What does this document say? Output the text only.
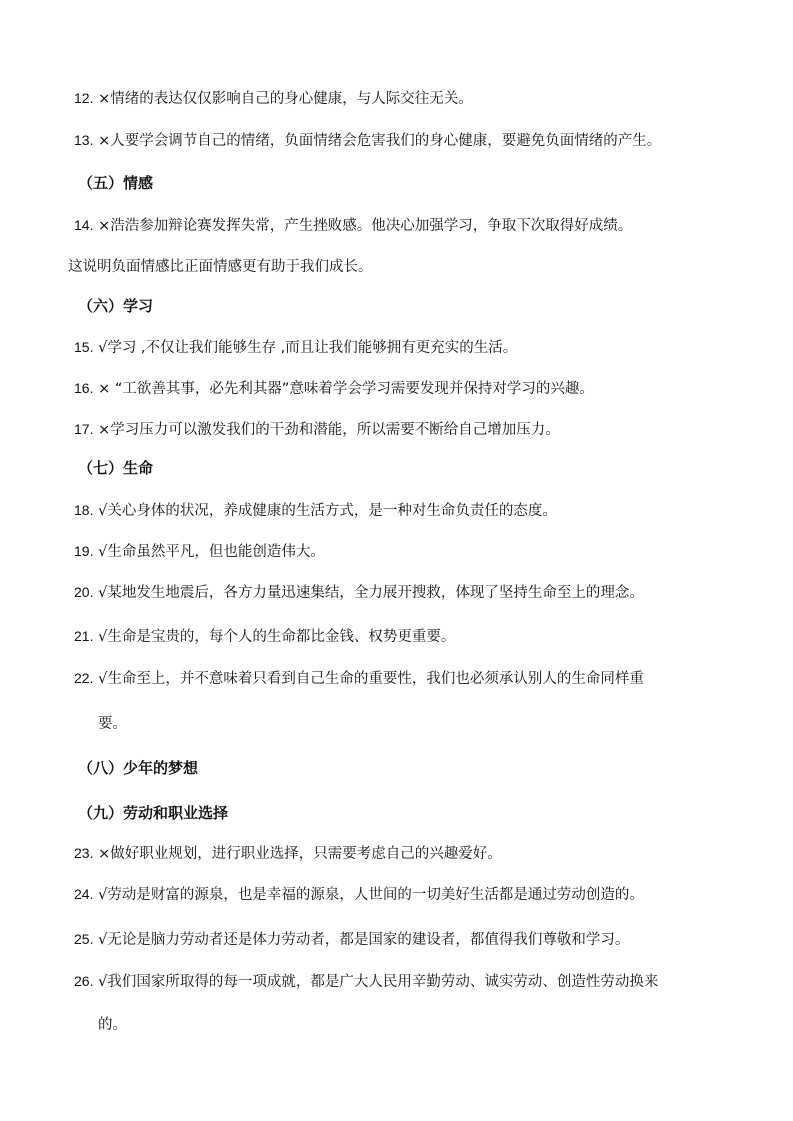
12. ×情绪的表达仅仅影响自己的身心健康，与人际交往无关。
13. ×人要学会调节自己的情绪，负面情绪会危害我们的身心健康，要避免负面情绪的产生。
（五）情感
14. ×浩浩参加辩论赛发挥失常，产生挫败感。他决心加强学习，争取下次取得好成绩。
这说明负面情感比正面情感更有助于我们成长。
（六）学习
15. √学习 ,不仅让我们能够生存 ,而且让我们能够拥有更充实的生活。
16. × “工欲善其事，必先利其器”意味着学会学习需要发现并保持对学习的兴趣。
17. ×学习压力可以激发我们的干劲和潜能，所以需要不断给自己增加压力。
（七）生命
18. √关心身体的状况，养成健康的生活方式，是一种对生命负责任的态度。
19. √生命虽然平凡，但也能创造伟大。
20. √某地发生地震后，各方力量迅速集结，全力展开搜救，体现了坚持生命至上的理念。
21. √生命是宝贵的，每个人的生命都比金钱、权势更重要。
22. √生命至上，并不意味着只看到自己生命的重要性，我们也必须承认别人的生命同样重
要。
（八）少年的梦想
（九）劳动和职业选择
23. ×做好职业规划，进行职业选择，只需要考虑自己的兴趣爱好。
24. √劳动是财富的源泉，也是幸福的源泉，人世间的一切美好生活都是通过劳动创造的。
25. √无论是脑力劳动者还是体力劳动者，都是国家的建设者，都值得我们尊敬和学习。
26. √我们国家所取得的每一项成就，都是广大人民用辛勤劳动、诚实劳动、创造性劳动换来
的。
